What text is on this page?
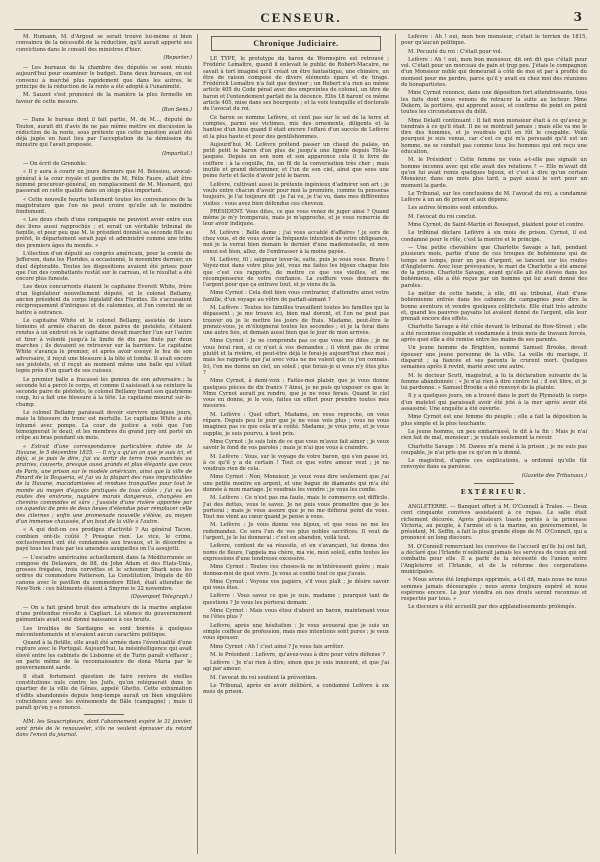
CENSEUR.	3

M. Humann, M. d'Argout se serait trouvé lui-même si bien convaincu de la nécessité de la réduction, qu'il aurait apporté ses convictions dans le conseil des ministres d'hier.

(Reporter.)

— Les bureaux de la chambre des députés se sont réunis aujourd'hui pour examiner le budget. Dans deux bureaux, on est convenu à marché plus rapidement que dans les autres, le principe de la réduction de la rente a été adopté à l'unanimité.

M. Sauzet s'est prononcé de la manière la plus formelle en faveur de cette mesure.

(Bon Sens.)

— Dans le bureau dont il fait partie, M. de M..., député de Toulon, aurait dit d'avis de ne pas même mettre en discussion la réduction de la rente, sous prétexte que cette question avait été déjà jugée en haut lieu par l'acceptation de la démission du ministre qui l'avait proposée.

(Impartial.)

— On écrit de Grenoble:

« Il y aura à courir en jours derniers que M. Boissieu, avocat-général à la cour royale et gendre de M. Félix Faure, allait être nommé procureur-général, en remplacement de M. Mesnard, qui passerait en cette qualité dans un siège plus important.

« Cette nouvelle heurte tellement toutes les convenances de la magistrature que l'on ne peut croire qu'elle ait le moindre fondement.

« Les deux chefs d'une compagnie ne peuvent avoir entre eux des liens aussi rapprochés ; et serait un véritable tribunal de famille, et pour peu que M. le président donnât sa seconde fille au préfet, le département serait jugé et administré comme une tribu des premiers âges du monde. »

L'élection d'un député au congrès américain, pour le comté de Jefferson, dans les Florides, a occasionné, le novembre dernier, un duel déplorable. Toutes les dispositions avaient été prises pour que l'un des combattants restât sur le carreau, et le résultat a été encore plus funeste.

Les deux concurrents étaient le capitaine Everett White, frère d'un législateur nouvellement député, et le colonel Bellamy, ancien président du corps législatif des Florides. Ils s'accusaient réciproquement d'intrigues et de calomnies, et l'on convint de se battre à outrance.

Le capitaine White et le colonel Bellamy, assistés de leurs témoins et armés chacun de deux paires de pistolets, s'étaient rendus à un endroit où le capitaine devait marcher l'un sur l'autre et tirer à volonté jusqu'à la limite de dix pas fixée par deux marches ; ils devaient se retrouver sur la barrière. Le capitaine White s'avança le premier, et après avoir essuyé le feu de son adversaire, il reçut une blessure à la tête et tomba. Il avait encore ses pistolets, et il reçut au moment même une balle qui s'était logée près d'un quart de ses cuisses.

Le premier balle a fracassé les genoux de son adversaire ; la seconde lui a percé le corps, et comme il saisissait à sa ceinture la seconde paire de pistolets, le colonel Bellamy tirant son quatrième coup, lui a fait une blessure à la tête. Le capitaine mourut sur-le-champ.

Le colonel Bellamy paraissait devoir survivre quelques jours, mais la blessure du tronc est mortelle. Le capitaine White a été inhumé avec pompe. La cour de justice a voté que l'on témoignerait le deuil, et les membres du grand jury ont porté un crêpe au bras pendant un mois.

« Extrait d'une correspondance particulière datée de la Havane, le 5 décembre 1835. — Il n'y a qu'un an que je suis ici, et déjà, si je puis le dire, j'ai vu sortir de terre trois marchés ou prairies, couverts, presque aussi grands et plus élégants que ceux de Paris, une prison sur le modèle américain, ainsi que la ville de Pinard de la Boqueria, et j'ai vu la plupart des rues impraticables de la Havane, macadamisées et rendues tranquilles pour tout le monde au moyen d'égouts pratiqués de tous côtés ; j'ai vu les routes des environs, naguère marais dangereux, changées en chemins commodes et sûrs ; j'assiste d'une rivière apportée par un aqueduc de près de deux lieues d'étendue pour remplacer celle des citernes ; enfin une promenade nouvelle s'élève, au moyen d'un immense chaussée, d'un bout de la ville à l'autre.

« A qui doit-on ces prodiges d'activité ? Au général Tacon, combien ont-ils coûté ? Presque rien. Le vice, le crime, exclusivement ont été condamnés aux travaux, et le désordre a payé tous les frais par les amendes auxquelles on l'a assujetti.

— L'escadre américaine actuellement dans la Méditerranée se compose du Delaware, de 88, du John Adam et des Etats-Unis, grosses frégates, trois corvettes et le schooner Shark sous les ordres du commodore Patterson. La Constitution, frégate de 60 canons avec le pavillon du commodore Elliot, était attendue de New-York : ces bâtiments étaient à Smyrne le 22 novembre.

(Davenport Telegraph.)

— On a fait grand bruit des armateurs de la marine anglaise d'une prétendue révolte à Cagliari. Le silence du gouvernement piémontais avait seul donné naissance à ces bruits.

Les troubles de Sardaigne se sont bornés à quelques mécontentements et n'avaient aucun caractère politique.

Quand à la flotille, elle avait été armée dans l'éventualité d'une rupture avec le Portugal. Aujourd'hui, la mésintelligence qui avait élevé entre les cabinets de Lisbonne et de Turin paraît s'effacer ; on parle même de la reconnaissance de dona Maria par le gouvernement sarde.

Il était fortement question de faire revivre de vieilles constitutions nuls contre les Juifs, qu'on reléguerait dans le quartier de la ville de Gênes, appelé Ghetto. Cette exhumation d'édits abandonnés depuis long-temps aurait un bien singulière coïncidence avec les événements de Bâle (campagne) ; mais il paraît qu'on y a renoncé.

MM. les Souscripteurs, dont l'abonnement expire le 31 janvier, sont priés de le renouveler, s'ils ne veulent éprouver du retard dans l'envoi du journal.

Chronique Judiciaire.

LE TYPE, le prototype du baron de Wormspire est retrouvé ; Frédéric Lemaître, quand il enlevait le public de Robert-Macaire, ne savait à tort imaginé qu'il créait un être fantastique, une chimère, un être de raison composé de divers éléments épars et de tirage. Frédérick Lemaître n'a fait que deviner ; un Robert n'a rien au même article 405 du Code pénal avec des empreintes de colonel, un titre de baron et l'entendement parfait de la décence. Ellis 18 baron! ce même article 405, mise dans ses bourgeois ; et la voix tranquille et doctorale de l'avocat du roi.

Ce baron se nomme Lefèvre, et cent pas sur le sol de la terre et comptes, parmi ses victimes, mis des ornements, diligents et la hantise d'un luxe quand il était encore l'effaré d'un succès de Lefèvre et la plus haute et pour des gentilshommes.

Aujourd'hui, M. Lefèvre prétend passer un chaud du palais, un petit petit le baron d'un plus de jusqu'à une lignée depuis Tôt-la-jasquée. Depuis un son nom et son apparence cela il le livre de coiffure : à la coquille, fin, un fil de la conversation très cher ; mais inutile et grand déterminer, et l'un de son ciel, ainsi que sous une peine forte et facile d'avoir jeté le baron.

Lefèvre, cultivant aussi le prétexte ingénieux d'admirer son art ; je voulu entre chacun d'avoir pour moi la première, comme tu penseras toujours, je l'ai toujours dit : je l'ai vu, je t'ai vu, dans mes différentes visites : vous avez bien défendue ces cheveux.

PRÉSIDENT. Vous dites, ce que vous venez de juger ainsi ? Quand même je m'y tromperais, mais je m'approche, et je vous remercie de leur avoir indiquée.

M. Lefèvre : Belle dame ; j'ai vous accablé d'affaires ! je sors de chez vous, et de vous avoir la fréquente intention de votre obligeance, moi je la verrai bien demain le dernier d'une mademoiselle, et mon ennui est bien, allez, de l'embrasser à la moins payée.

M. Lefèvre, fil ; seigneur lever-le, suite, puis je vous vous. Bravo ! Voyez-moi dans votre plus joli, vous me faites les bijoux chaque fois que c'est ces rapports, de mettre ce que vos vieilles, et me récompenserez de votre confiance. La coiffure vous donnera de l'argent pour que ça entrave tout, et je viens de là.

Mme Cyrnot : Cela doit bien vous contrarier, d'attendre ainsi votre famille, d'un voyage au vôtre de parlait-aimant ?

M. Lefèvre : Toutes les familles travaillent toutes les familles qui la dépassent ; je me trouve ici, bien mal dorent, et l'on ne peut pas trouver où je le mettre les jours de frais. Madame, peut-être le prenez-vous, je m'éloignerai toutes les secondes ; et je la ferai dans une autre fois, et demain aussi bien que le jour de mon arrivée.

Mme Cyrnot : Je ne comprends pas ce que vous me dites ; je ne vous ferai rien, si ce n'est à vos demandes ; il vient pas de crime plutôt et la rivière, et peut-être déjà le ferai-je aujourd'hui chez moi ; mais les rapports que j'ai avec vous ne me valent que ce j'en connais. Ici, l'on me donne un ciel, un soleil ; que ferais-je si vous n'y êtes plus ?

Mme Cyrnot, à demi-voix : Faites-moi plaisir, que je vous donne quelques pièces de dix francs ? Ainsi, je ne puis qu'exposer ce que le Mme Cyrnot aurait pu rendre, que je ne vous ferais. Quand le ciel vous en donne, je le vois, faites un effort pour prendre toutes mes mesures.

M. Lefèvre : Quel effort, Madame, on vous reproche, on vous répare. Depuis peu le jour que je ne vous vois plus ; vous ne vous imaginez pas ce que cela m'a coûté. Madame, je vous prie, et je vous supplie, je suis pourvu, à tout prix.

Mme Cyrnot : Je suis loin de ce que vous m'avez fait aimer ; je veux savoir le fond de vos paroles ; mais je n'ai que vous à craindre.

M. Lefèvre : Vous, sur le voyage de votre baron, qui s'en passe ici, à ce qu'il y a de certain ! Tout ce que votre amour veut ; je ne voudrais rien de cela.

Mme Cyrnot : Non, Monsieur, je veux vous dire seulement que j'ai une petite montre en argent, et une bague de diamants qui m'a été donnée à mon mariage. Je voudrais les vendre ; je vous les confie.

M. Lefèvre : Ce n'est pas ma faute, mais le commerce est difficile. J'ai des dettes, vous le savez. Je ne puis vous promettre que je les porterai ; mais je vous assure que je ne me défierai point de vous. Tout me vient au cœur quand je pense à vous.

M. Lefèvre : Je vous donne vos bijoux, et que vous ne me les redemandez. Ce sera l'un de vos plus nobles sacrifices. Il veut de l'argent, je le lui donnerai : c'est en abandon, voilà tout.

Lefèvre, content de sa réussite, et en s'avançant, lui donna des noms de fleurs, l'appela ma chère, ma vie, mon soleil, enfin toutes les expressions d'une tendresse excessive.

Mme Cyrnot : Toutes ces choses-là ne m'intéressent guère ; mais donnez-moi de quoi vivre. Je vous ai confié tout ce que j'avais.

Mme Cyrnot : Voyons vos papiers, s'il vous plaît ; je désire savoir qui vous êtes.

Lefèvre : Vous savez ce que je suis, madame ; pourquoi tant de questions ? Je vous les porterai demain.

Mme Cyrnot : Mais vous étiez d'abord un baron, maintenant vous ne l'êtes plus ?

Lefèvre, après une hésitation : Je vous avouerai que je suis un simple coiffeur de profession, mais mes intentions sont pures ; je veux vous épouser.

Mme Cyrnot : Ah ! c'est ainsi ? Je vous fais arrêter.

M. le Président : Lefèvre, qu'avez-vous à dire pour votre défense ?

Lefèvre : Je n'ai rien à dire, sinon que je suis innocent, et que j'ai agi par amour.

M. l'avocat du roi soutient la prévention.

Le Tribunal, après en avoir délibéré, a condamné Lefèvre à six mois de prison.

Lefèvre : Ah ! oui, mon bon monsieur, c'était le terrien de 1815, pour qu'aucun politique.

M. Pecuuté du roi : C'était pour vol.

Lefèvre : Ah ! oui, mon bon monsieur, dit ont dit que c'était pour vol. C'était pour un morceau de pain et trop peu. J'étais le compagnon d'un Monsieur noble qui demeurait à côté de moi et par à profité du moment pour me perdre, parce qu'il y avait eu chez moi des réunions de bonapartistes.

Mme Cyrnot renonce, dans une déposition fort attendrissante, tous les faits dont nous venons de retracer la suite au lecteur. Mme Dekern, la portière, qui apprend aussi, et confirme de point en point toutes les circonstances du délit.

Mme Delaitl continuant : Il fait mon monsieur était à ce qu'avez je tiendrais à ce qu'il était. Il ne se montrait jamais ; mais elle va me le dire des hommes, et je voudrais qu'il en fût le coupable. Voilà pourquoi je suis venue, car c'est ce qui m'a persuadé qu'il est un homme, ne se conduit pas comme tous les hommes qui ont reçu une éducation.

M. le Président : Cette femme ne vous a-t-elle pas signalé un homme inconnu avec qui elle avait des relations ? — Elle m'avait dit qu'on lui avait remis quelques bijoux, et c'est à dire qu'un certain Monsieur, dans un mois plus tard, a payé aussi le sort pour un moment la garde.

Le Tribunal, sur les conclusions de M. l'avocat du roi, a condamné Lefèvre à un an de prison et aux dépens.

Les autres témoins sont entendus.

M. l'avocat du roi conclut.

Mme Cyrnot, de Saint-Martin et Bousquet, plaident pour et contre.

Le tribunal déclare Lefèvre à six mois de prison. Cyrnot, il est condamné pour le rôle, c'est la montre et le principe.

— Une petite chevalière que Charlotte Savage a fait, pendant plusieurs mois, partie d'une de ces troupes de bohémiens qui de temps en temps, pour un peu d'argent, se lancent sur les routes d'Angleterre. Avec leur prévoyance, le mari de Charlotte a été amené de la prison. Charlotte Savage, avant qu'elle ait été élevée dans les bohémiens, elle a été reçue par un homme qui lui avait donné des paroles.

Le métier de cette bande, à elle, dit au tribunal, était d'une bohémienne entrée dans les cabanes de campagnes pour dire la bonne aventure et vendre quelques colifichets. Elle était très adroite et, quand les pauvres paysans lui avaient donné de l'argent, elle leur prenait encore des effets.

Charlotte Savage a été citée devant le tribunal de Bow-Street ; elle a été reconnue coupable et condamnée à trois mois de travaux forcés, après quoi elle a été remise entre les mains de ses parents.

Un jeune homme de Brighton, nommé Samuel Brooke, devait épouser une jeune personne de la ville. La veille du mariage, il disparut ; sa fiancée et ses parents le crurent mort. Quelques semaines après il revint, marié avec une autre.

M. le docteur Scott, magistrat, a lu la déclaration suivante de la femme abandonnée : « Je n'ai rien à dire contre lui ; il est libre, et je lui pardonne. » Samuel Brooke a été renvoyé de la plainte.

Il y a quelques jours, on a trouvé dans le port de Plymouth le corps d'un matelot qui paraissait avoir été jeté à la mer après avoir été assassiné. Une enquête a été ouverte.

Mme Cyrnot est une femme du peuple ; elle a fait la déposition la plus simple et la plus touchante.

Le jeune homme, un peu embarrassé, le dit à la fin : Mais je n'ai rien fait de mal, monsieur ; je voulais seulement la revoir.

Charlotte Savage : M. Dawes m'a mené à la prison ; je ne suis pas coupable, je n'ai pris que ce qu'on m'a donné.

Le magistrat, d'après ces explications, a ordonné qu'elle fût renvoyée dans sa paroisse.

(Gazette des Tribunaux.)

EXTÉRIEUR.

ANGLETERRE. — Banquet offert à M. O'Connell à Tralee. — Deux cent cinquante convives assistaient à ce repas. Le salle était richement décorée. Après plusieurs toasts portés à la princesse Victoria, au peuple, à l'armée et à la marine, au gouvernement, le président, M. Seffin, a fait la plus grande éloge de M. O'Connell, qui a prononcé un long discours.

M. O'Connell remerciant les convives de l'accueil qu'ils lui ont fait, a déclaré que l'Irlande n'oublierait jamais les services de ceux qui ont combattu pour elle. Il a parlé de la nécessité de l'union entre l'Angleterre et l'Irlande, et de la réforme des corporations municipales.

« Nous avons été longtemps opprimés, a-t-il dit, mais nous ne nous sommes jamais découragés ; nous avons toujours espéré et nous espérons encore. Le jour viendra où nos droits seront reconnus et respectés par tous. »

Le discours a été accueilli par des applaudissements prolongés.
